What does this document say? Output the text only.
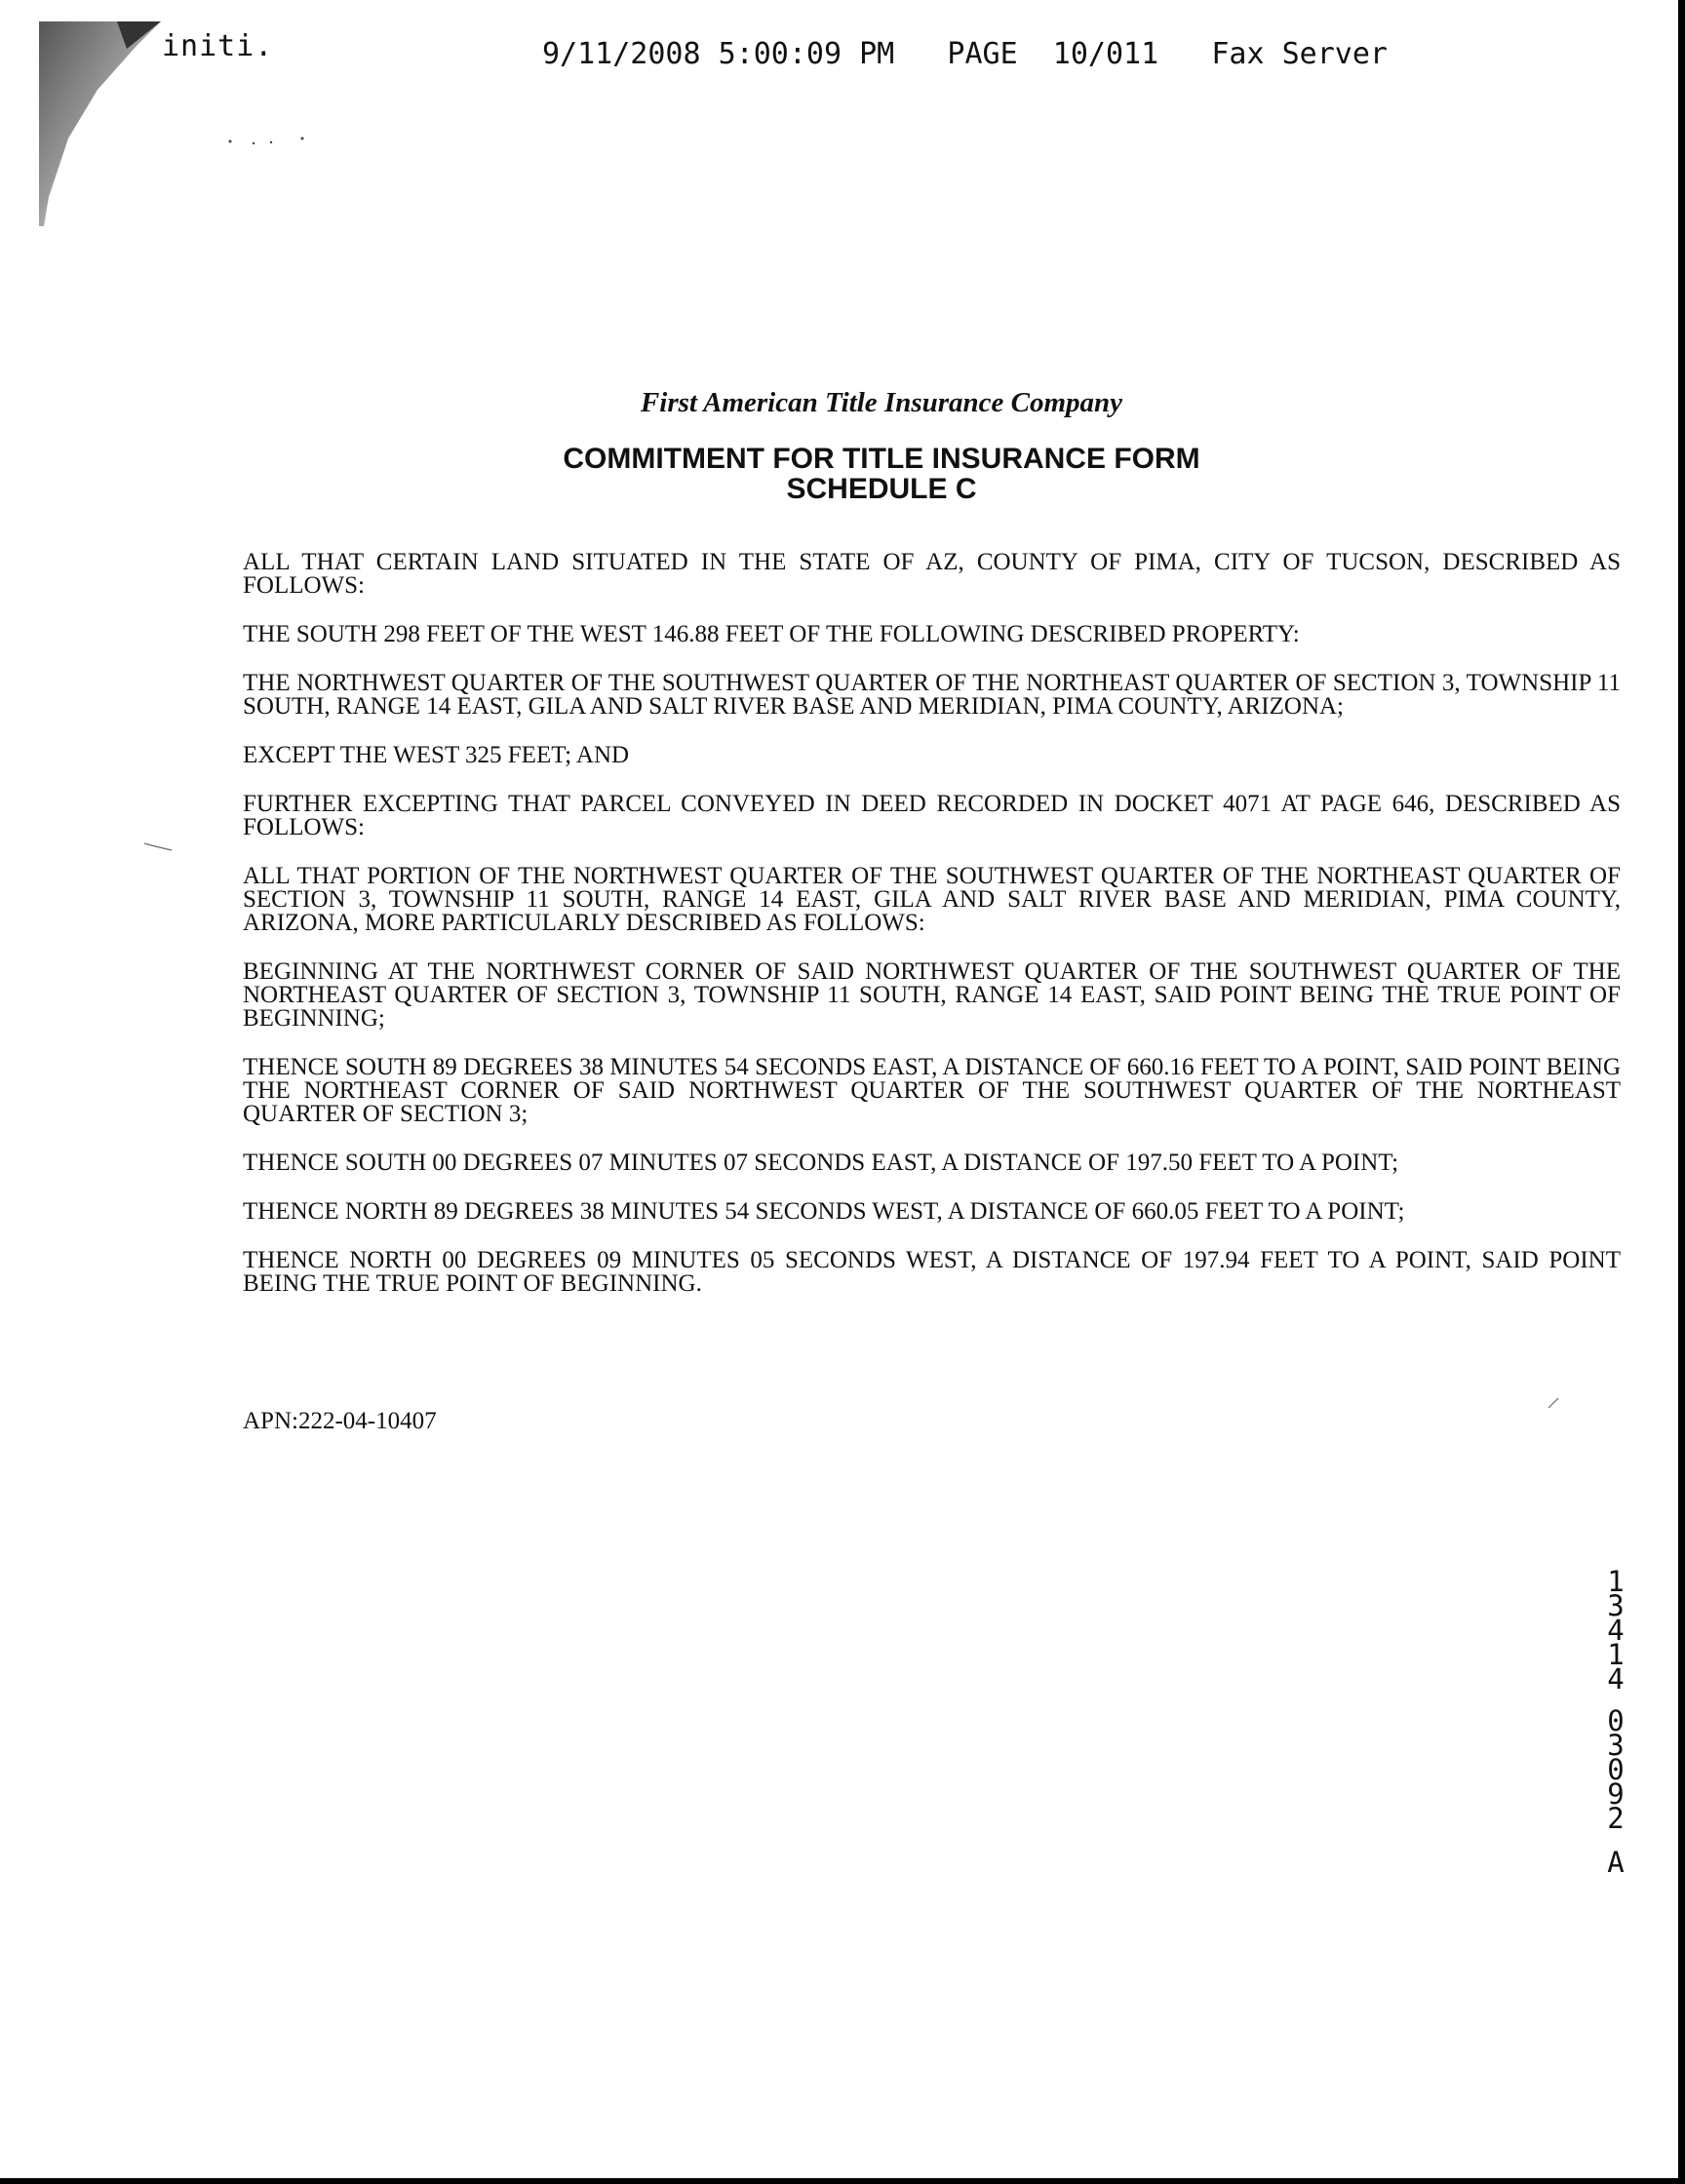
initi.	9/11/2008 5:00:09 PM PAGE 10/011 Fax Server
First American Title Insurance Company
COMMITMENT FOR TITLE INSURANCE FORM
SCHEDULE C

ALL THAT CERTAIN LAND SITUATED IN THE STATE OF AZ, COUNTY OF PIMA, CITY OF TUCSON, DESCRIBED AS FOLLOWS:

THE SOUTH 298 FEET OF THE WEST 146.88 FEET OF THE FOLLOWING DESCRIBED PROPERTY:

THE NORTHWEST QUARTER OF THE SOUTHWEST QUARTER OF THE NORTHEAST QUARTER OF SECTION 3, TOWNSHIP 11 SOUTH, RANGE 14 EAST, GILA AND SALT RIVER BASE AND MERIDIAN, PIMA COUNTY, ARIZONA;

EXCEPT THE WEST 325 FEET; AND

FURTHER EXCEPTING THAT PARCEL CONVEYED IN DEED RECORDED IN DOCKET 4071 AT PAGE 646, DESCRIBED AS FOLLOWS:

ALL THAT PORTION OF THE NORTHWEST QUARTER OF THE SOUTHWEST QUARTER OF THE NORTHEAST QUARTER OF SECTION 3, TOWNSHIP 11 SOUTH, RANGE 14 EAST, GILA AND SALT RIVER BASE AND MERIDIAN, PIMA COUNTY, ARIZONA, MORE PARTICULARLY DESCRIBED AS FOLLOWS:

BEGINNING AT THE NORTHWEST CORNER OF SAID NORTHWEST QUARTER OF THE SOUTHWEST QUARTER OF THE NORTHEAST QUARTER OF SECTION 3, TOWNSHIP 11 SOUTH, RANGE 14 EAST, SAID POINT BEING THE TRUE POINT OF BEGINNING;

THENCE SOUTH 89 DEGREES 38 MINUTES 54 SECONDS EAST, A DISTANCE OF 660.16 FEET TO A POINT, SAID POINT BEING THE NORTHEAST CORNER OF SAID NORTHWEST QUARTER OF THE SOUTHWEST QUARTER OF THE NORTHEAST QUARTER OF SECTION 3;

THENCE SOUTH 00 DEGREES 07 MINUTES 07 SECONDS EAST, A DISTANCE OF 197.50 FEET TO A POINT;

THENCE NORTH 89 DEGREES 38 MINUTES 54 SECONDS WEST, A DISTANCE OF 660.05 FEET TO A POINT;

THENCE NORTH 00 DEGREES 09 MINUTES 05 SECONDS WEST, A DISTANCE OF 197.94 FEET TO A POINT, SAID POINT BEING THE TRUE POINT OF BEGINNING.

APN:222-04-10407
1
3
4
1
4
0
3
0
9
2
A
